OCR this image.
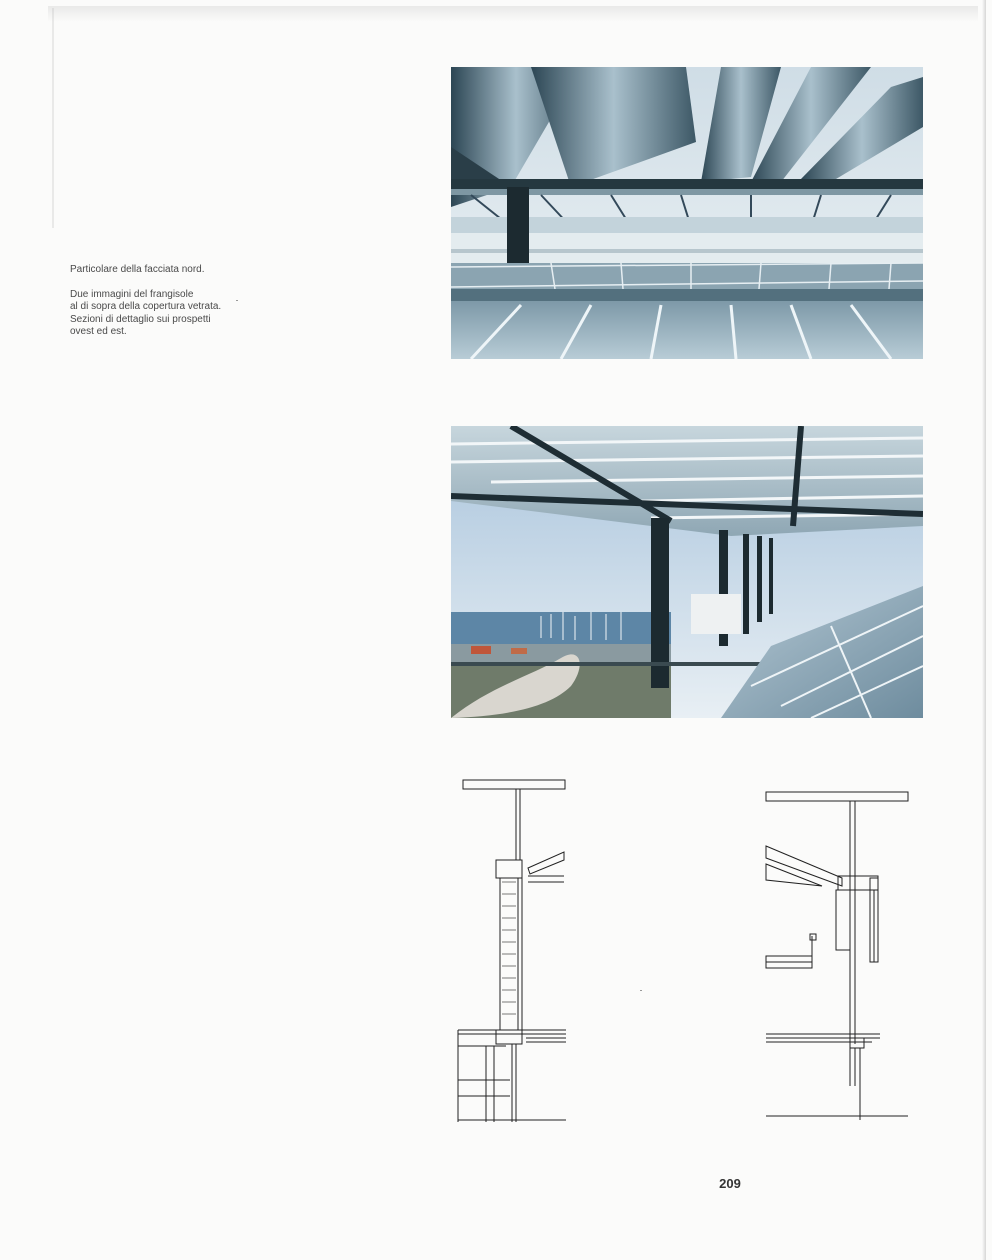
Particolare della facciata nord.

Due immagini del frangisole

al di sopra della copertura vetrata.

Sezioni di dettaglio sui prospetti

ovest ed est.

209
